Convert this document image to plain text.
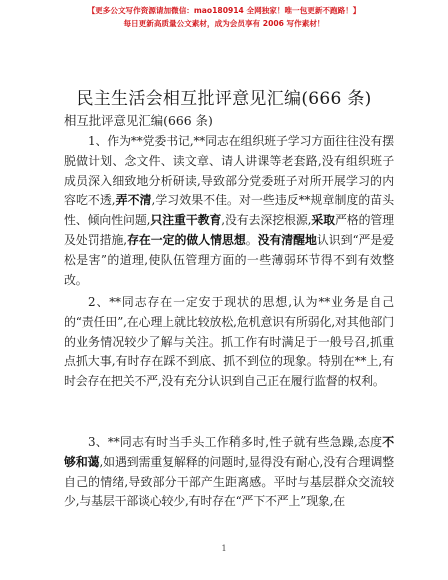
【更多公文写作资源请加微信：mao180914 全网独家！唯一包更新不跑路！】
每日更新高质量公文素材，成为会员享有 2006 写作素材！
民主生活会相互批评意见汇编(666 条)
相互批评意见汇编(666 条)

1、作为**党委书记,**同志在组织班子学习方面往往没有摆脱做计划、念文件、读文章、请人讲课等老套路,没有组织班子成员深入细致地分析研读,导致部分党委班子对所开展学习的内容吃不透,弄不清,学习效果不佳。对一些违反**规章制度的苗头性、倾向性问题,只注重干教育,没有去深挖根源,采取严格的管理及处罚措施,存在一定的做人情思想。没有清醒地认识到“严是爱松是害”的道理,使队伍管理方面的一些薄弱环节得不到有效整改。

2、**同志存在一定安于现状的思想,认为**业务是自己的“责任田”,在心理上就比较放松,危机意识有所弱化,对其他部门的业务情况较少了解与关注。抓工作有时满足于一般号召,抓重点抓大事,有时存在踩不到底、抓不到位的现象。特别在**上,有时会存在把关不严,没有充分认识到自己正在履行监督的权利。

3、**同志有时当手头工作稍多时,性子就有些急躁,态度不够和蔼,如遇到需重复解释的问题时,显得没有耐心,没有合理调整自己的情绪,导致部分干部产生距离感。平时与基层群众交流较少,与基层干部谈心较少,有时存在“严下不严上”现象,在

1
